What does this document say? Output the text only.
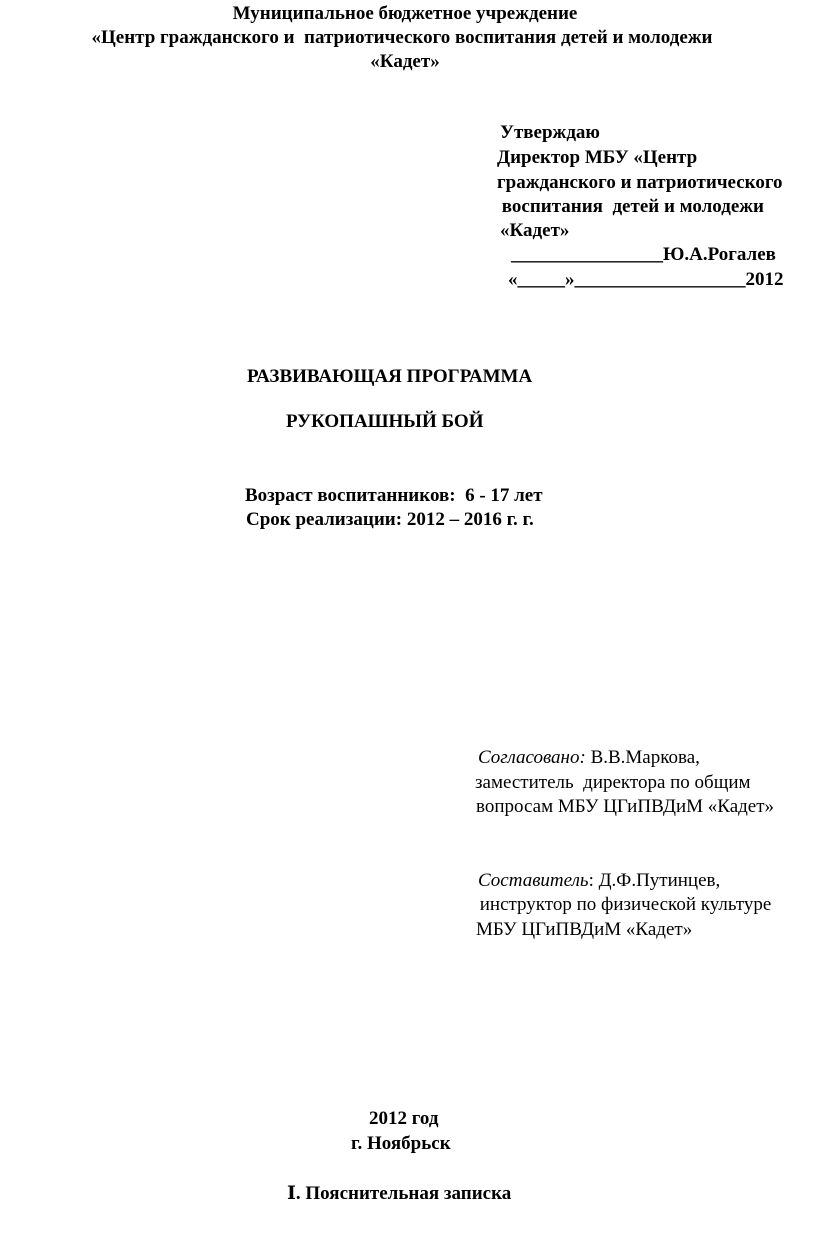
Муниципальное бюджетное учреждение
«Центр гражданского и  патриотического воспитания детей и молодежи
«Кадет»
Утверждаю
Директор МБУ «Центр
гражданского и патриотического
воспитания  детей и молодежи
«Кадет»
________________Ю.А.Рогалев
«_____»__________________2012
РАЗВИВАЮЩАЯ ПРОГРАММА
РУКОПАШНЫЙ БОЙ
Возраст воспитанников:  6 - 17 лет
Срок реализации: 2012 – 2016 г. г.
Согласовано: В.В.Маркова,
заместитель  директора по общим
вопросам МБУ ЦГиПВДиМ «Кадет»
Составитель: Д.Ф.Путинцев,
инструктор по физической культуре
МБУ ЦГиПВДиМ «Кадет»
2012 год
г. Ноябрьск
Ⅰ. Пояснительная записка
